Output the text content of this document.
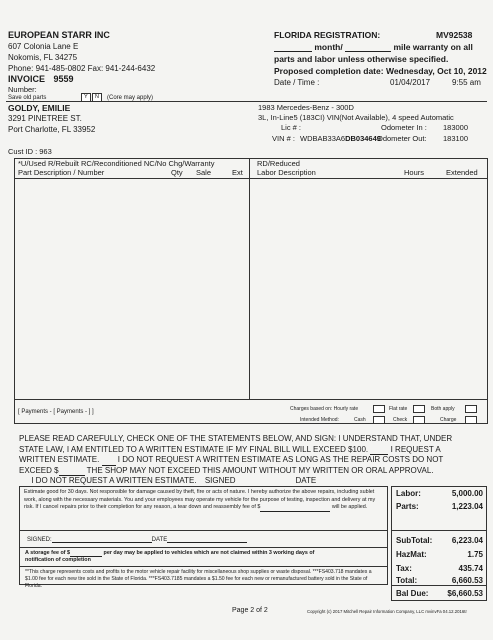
EUROPEAN STARR INC
607 Colonia Lane E
Nokomis, FL 34275
Phone: 941-485-0802 Fax: 941-244-6432
INVOICE 9559
Number:
Save old parts	Y N (Core may apply)
FLORIDA REGISTRATION:	MV92538
month/	mile warranty on all
parts and labor unless otherwise specified.
Proposed completion date: Wednesday, Oct 10, 2012
Date / Time :	01/04/2017	9:55 am
GOLDY, EMILIE
3291 PINETREE ST.
Port Charlotte, FL 33952
Cust ID : 963
1983 Mercedes-Benz - 300D
3L, In-Line5 (183CI) VIN(Not Available), 4 speed Automatic
Lic # :	Odometer In : 183000
VIN # : WDBAB33A6DB034649
Odometer Out: 183100
*U/Used R/Rebuilt RC/Reconditioned NC/No Chg/Warranty	RD/Reduced
Part Description / Number	Qty Sale	Ext Labor Description	Hours	Extended
[ Payments - [ Payments - ] ]	Charges based on: Hourly rate	Flat rate	Both apply
Intended Method:	Cash	Check	Charge
PLEASE READ CAREFULLY, CHECK ONE OF THE STATEMENTS BELOW, AND SIGN: I UNDERSTAND THAT, UNDER
STATE LAW, I AM ENTITLED TO A WRITTEN ESTIMATE IF MY FINAL BILL WILL EXCEED $100.	I REQUEST A
WRITTEN ESTIMATE. I DO NOT REQUEST A WRITTEN ESTIMATE AS LONG AS THE REPAIR COSTS DO NOT
EXCEED $	THE SHOP MAY NOT EXCEED THIS AMOUNT WITHOUT MY WRITTEN OR ORAL APPROVAL.
I DO NOT REQUEST A WRITTEN ESTIMATE. SIGNED	DATE
Estimate good for 30 days. Not responsible for damage caused by theft, fire or acts of nature. I hereby authorize the above repairs, including sublet work, along with the necessary materials. You and your employees may operate my vehicle for the purpose of testing, inspection and delivery at my risk. If I cancel repairs prior to their completion for any reason, a tear down and reassembly fee of $	will be applied.
SIGNED:	DATE
A storage fee of $	per day may be applied to vehicles which are not claimed within 3 working days of
notification of completion
**This charge represents costs and profits to the motor vehicle repair facility for miscellaneous shop supplies or waste disposal. ***FS403.718 mandates a $1.00 fee for each new tire sold in the State of Florida. ***FS403.7185 mandates a $1.50 fee for each new or remanufactured battery sold in the State of Florida.
Labor:	5,000.00
Parts:	1,223.04
SubTotal: 6,223.04
HazMat:	1.75
Tax:	435.74
Total:	6,660.53
Bal Due: $6,660.53
Page 2 of 2	Copyright (c) 2017 Mitchell Repair Information Company, LLC mvinvFa 04.12.2016tr
